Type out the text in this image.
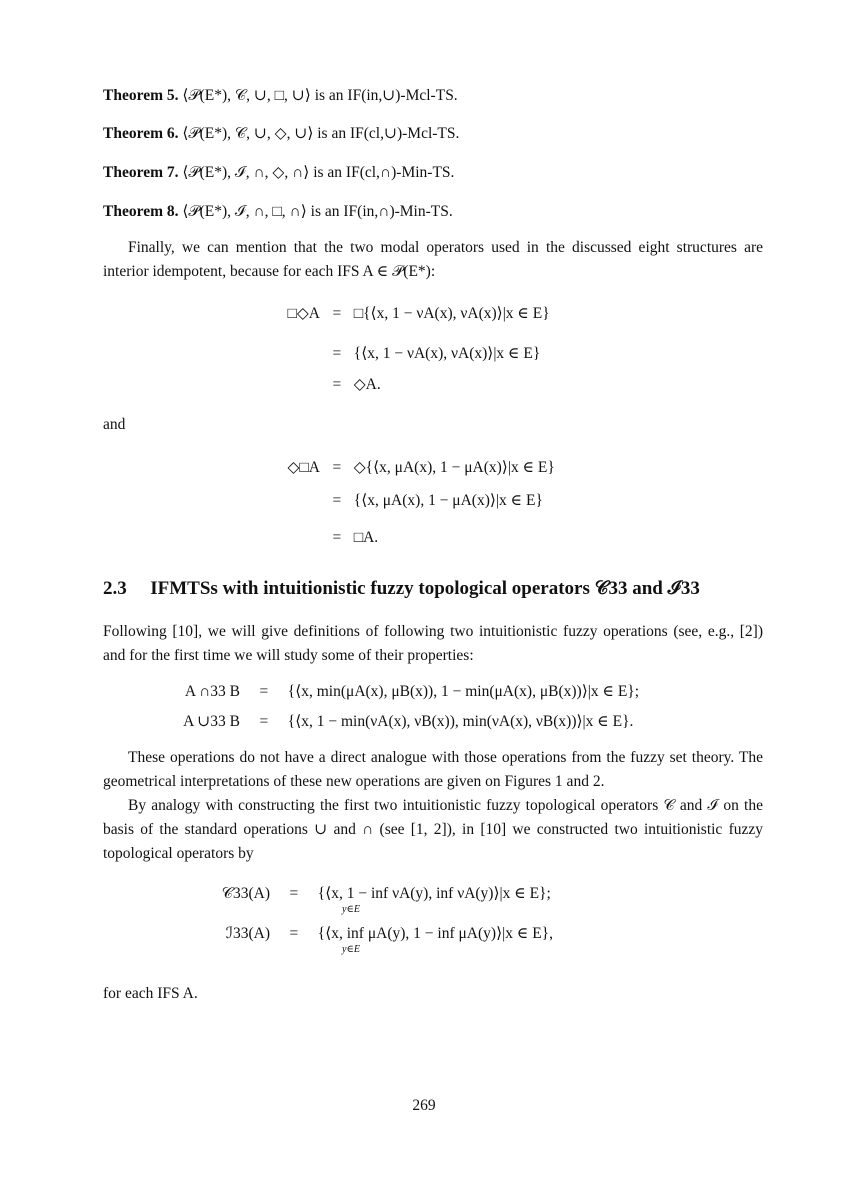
Theorem 5. ⟨𝒫(E*), 𝒞, ∪, □, ∪⟩ is an IF(in,∪)-Mcl-TS.
Theorem 6. ⟨𝒫(E*), 𝒞, ∪, ◇, ∪⟩ is an IF(cl,∪)-Mcl-TS.
Theorem 7. ⟨𝒫(E*), ℐ, ∩, ◇, ∩⟩ is an IF(cl,∩)-Min-TS.
Theorem 8. ⟨𝒫(E*), ℐ, ∩, □, ∩⟩ is an IF(in,∩)-Min-TS.
Finally, we can mention that the two modal operators used in the discussed eight structures are interior idempotent, because for each IFS A ∈ 𝒫(E*):
□◇A = □{⟨x, 1 − νA(x), νA(x)⟩|x ∈ E}
= {⟨x, 1 − νA(x), νA(x)⟩|x ∈ E}
= ◇A.
and
◇□A = ◇{⟨x, μA(x), 1 − μA(x)⟩|x ∈ E}
= {⟨x, μA(x), 1 − μA(x)⟩|x ∈ E}
= □A.
2.3 IFMTSs with intuitionistic fuzzy topological operators 𝒞33 and ℐ33
Following [10], we will give definitions of following two intuitionistic fuzzy operations (see, e.g., [2]) and for the first time we will study some of their properties:
A ∩33 B = {⟨x, min(μA(x), μB(x)), 1 − min(μA(x), μB(x))⟩|x ∈ E};
A ∪33 B = {⟨x, 1 − min(νA(x), νB(x)), min(νA(x), νB(x))⟩|x ∈ E}.
These operations do not have a direct analogue with those operations from the fuzzy set theory. The geometrical interpretations of these new operations are given on Figures 1 and 2.
By analogy with constructing the first two intuitionistic fuzzy topological operators 𝒞 and ℐ on the basis of the standard operations ∪ and ∩ (see [1, 2]), in [10] we constructed two intuitionistic fuzzy topological operators by
𝒞33(A) = {⟨x, 1 − inf νA(y), inf νA(y)⟩|x ∈ E};
y∈E
ℐ33(A) = {⟨x, inf μA(y), 1 − inf μA(y)⟩|x ∈ E},
y∈E
for each IFS A.
269
